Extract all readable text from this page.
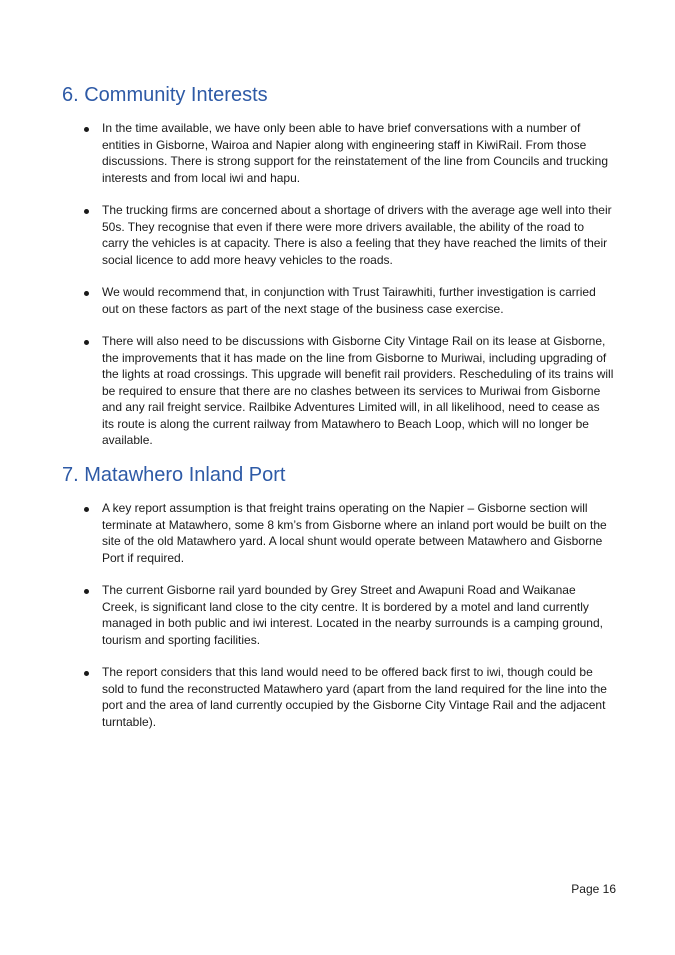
6. Community Interests
In the time available, we have only been able to have brief conversations with a number of entities in Gisborne, Wairoa and Napier along with engineering staff in KiwiRail. From those discussions. There is strong support for the reinstatement of the line from Councils and trucking interests and from local iwi and hapu.
The trucking firms are concerned about a shortage of drivers with the average age well into their 50s. They recognise that even if there were more drivers available, the ability of the road to carry the vehicles is at capacity. There is also a feeling that they have reached the limits of their social licence to add more heavy vehicles to the roads.
We would recommend that, in conjunction with Trust Tairawhiti, further investigation is carried out on these factors as part of the next stage of the business case exercise.
There will also need to be discussions with Gisborne City Vintage Rail on its lease at Gisborne, the improvements that it has made on the line from Gisborne to Muriwai, including upgrading of the lights at road crossings. This upgrade will benefit rail providers. Rescheduling of its trains will be required to ensure that there are no clashes between its services to Muriwai from Gisborne and any rail freight service. Railbike Adventures Limited will, in all likelihood, need to cease as its route is along the current railway from Matawhero to Beach Loop, which will no longer be available.
7. Matawhero Inland Port
A key report assumption is that freight trains operating on the Napier – Gisborne section will terminate at Matawhero, some 8 km’s from Gisborne where an inland port would be built on the site of the old Matawhero yard. A local shunt would operate between Matawhero and Gisborne Port if required.
The current Gisborne rail yard bounded by Grey Street and Awapuni Road and Waikanae Creek, is significant land close to the city centre. It is bordered by a motel and land currently managed in both public and iwi interest. Located in the nearby surrounds is a camping ground, tourism and sporting facilities.
The report considers that this land would need to be offered back first to iwi, though could be sold to fund the reconstructed Matawhero yard (apart from the land required for the line into the port and the area of land currently occupied by the Gisborne City Vintage Rail and the adjacent turntable).
Page 16
